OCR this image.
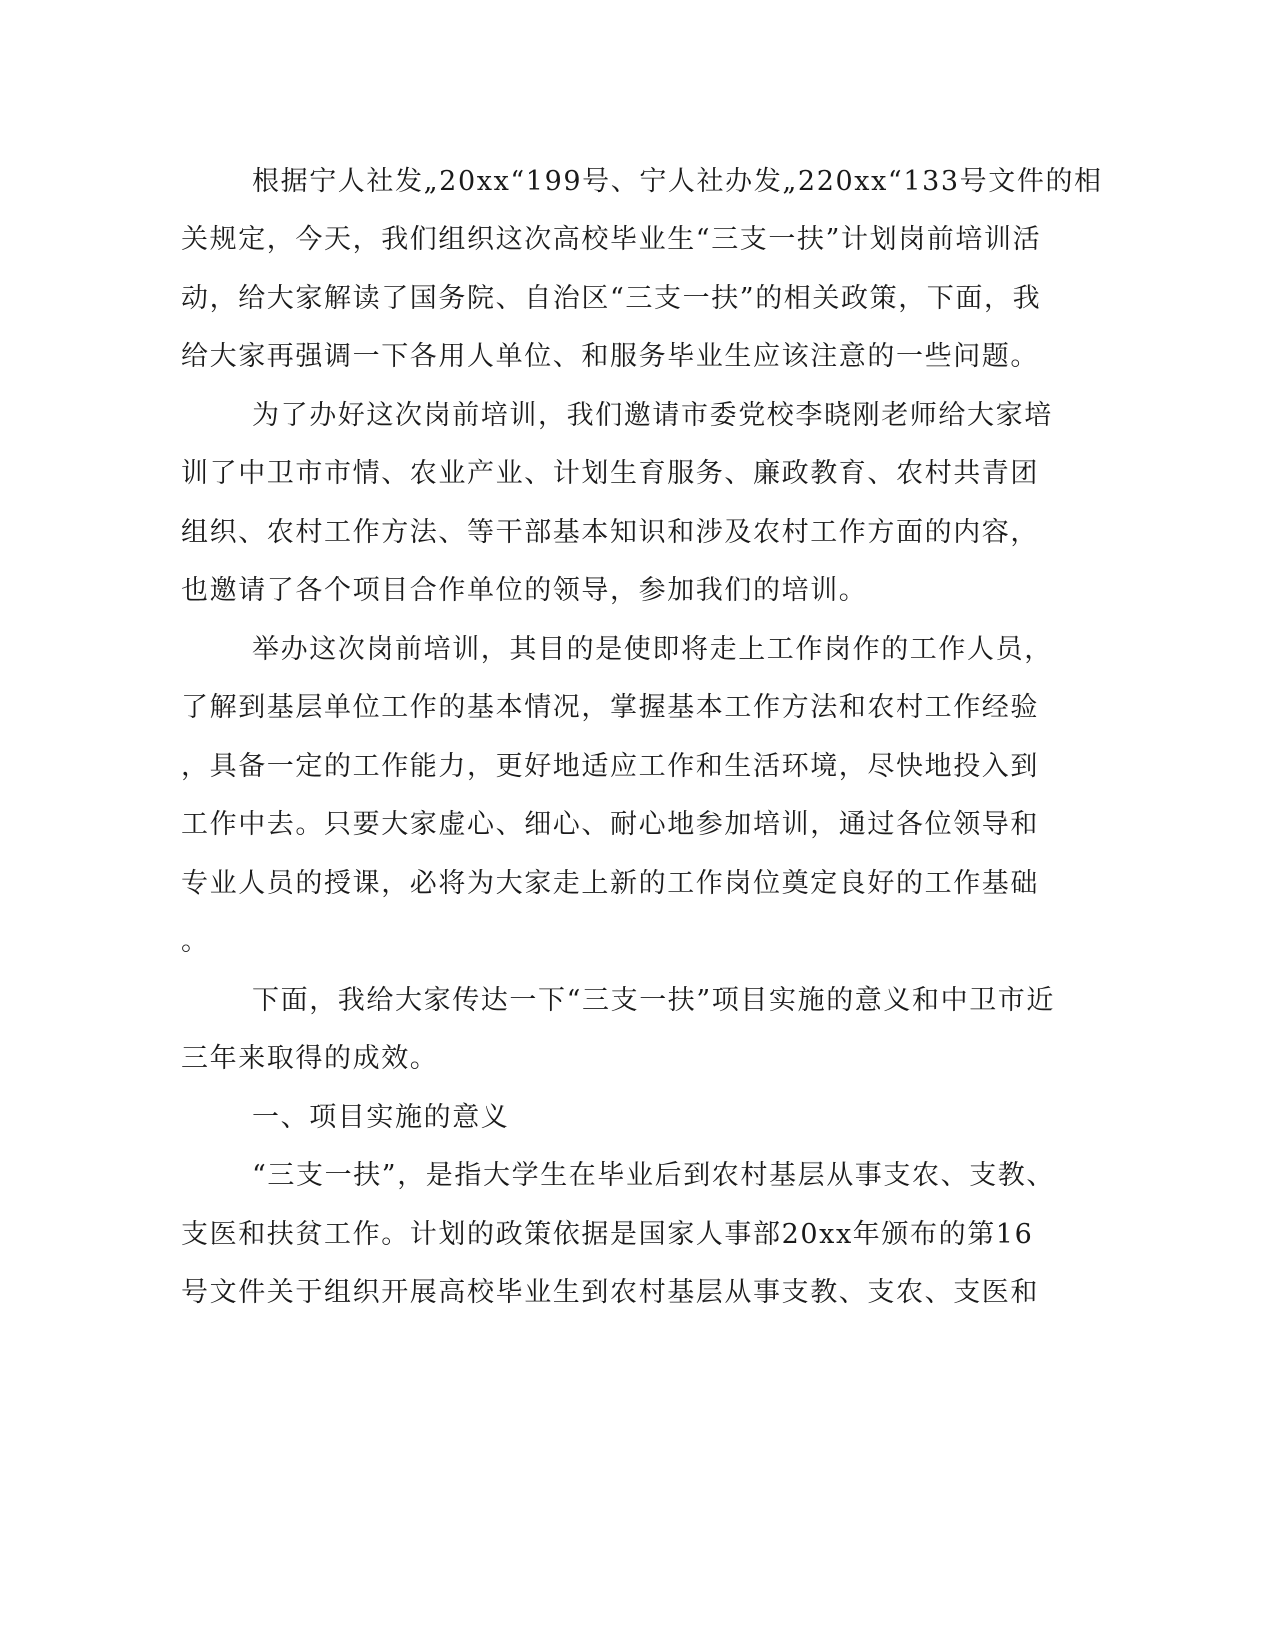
根据宁人社发„20xx“199号、宁人社办发„220xx“133号文件的相

关规定，今天，我们组织这次高校毕业生“三支一扶”计划岗前培训活

动，给大家解读了国务院、自治区“三支一扶”的相关政策，下面，我

给大家再强调一下各用人单位、和服务毕业生应该注意的一些问题。

为了办好这次岗前培训，我们邀请市委党校李晓刚老师给大家培

训了中卫市市情、农业产业、计划生育服务、廉政教育、农村共青团

组织、农村工作方法、等干部基本知识和涉及农村工作方面的内容，

也邀请了各个项目合作单位的领导，参加我们的培训。

举办这次岗前培训，其目的是使即将走上工作岗作的工作人员，

了解到基层单位工作的基本情况，掌握基本工作方法和农村工作经验

，具备一定的工作能力，更好地适应工作和生活环境，尽快地投入到

工作中去。只要大家虚心、细心、耐心地参加培训，通过各位领导和

专业人员的授课，必将为大家走上新的工作岗位奠定良好的工作基础

。

下面，我给大家传达一下“三支一扶”项目实施的意义和中卫市近

三年来取得的成效。

一、项目实施的意义

“三支一扶”，是指大学生在毕业后到农村基层从事支农、支教、

支医和扶贫工作。计划的政策依据是国家人事部20xx年颁布的第16

号文件关于组织开展高校毕业生到农村基层从事支教、支农、支医和
